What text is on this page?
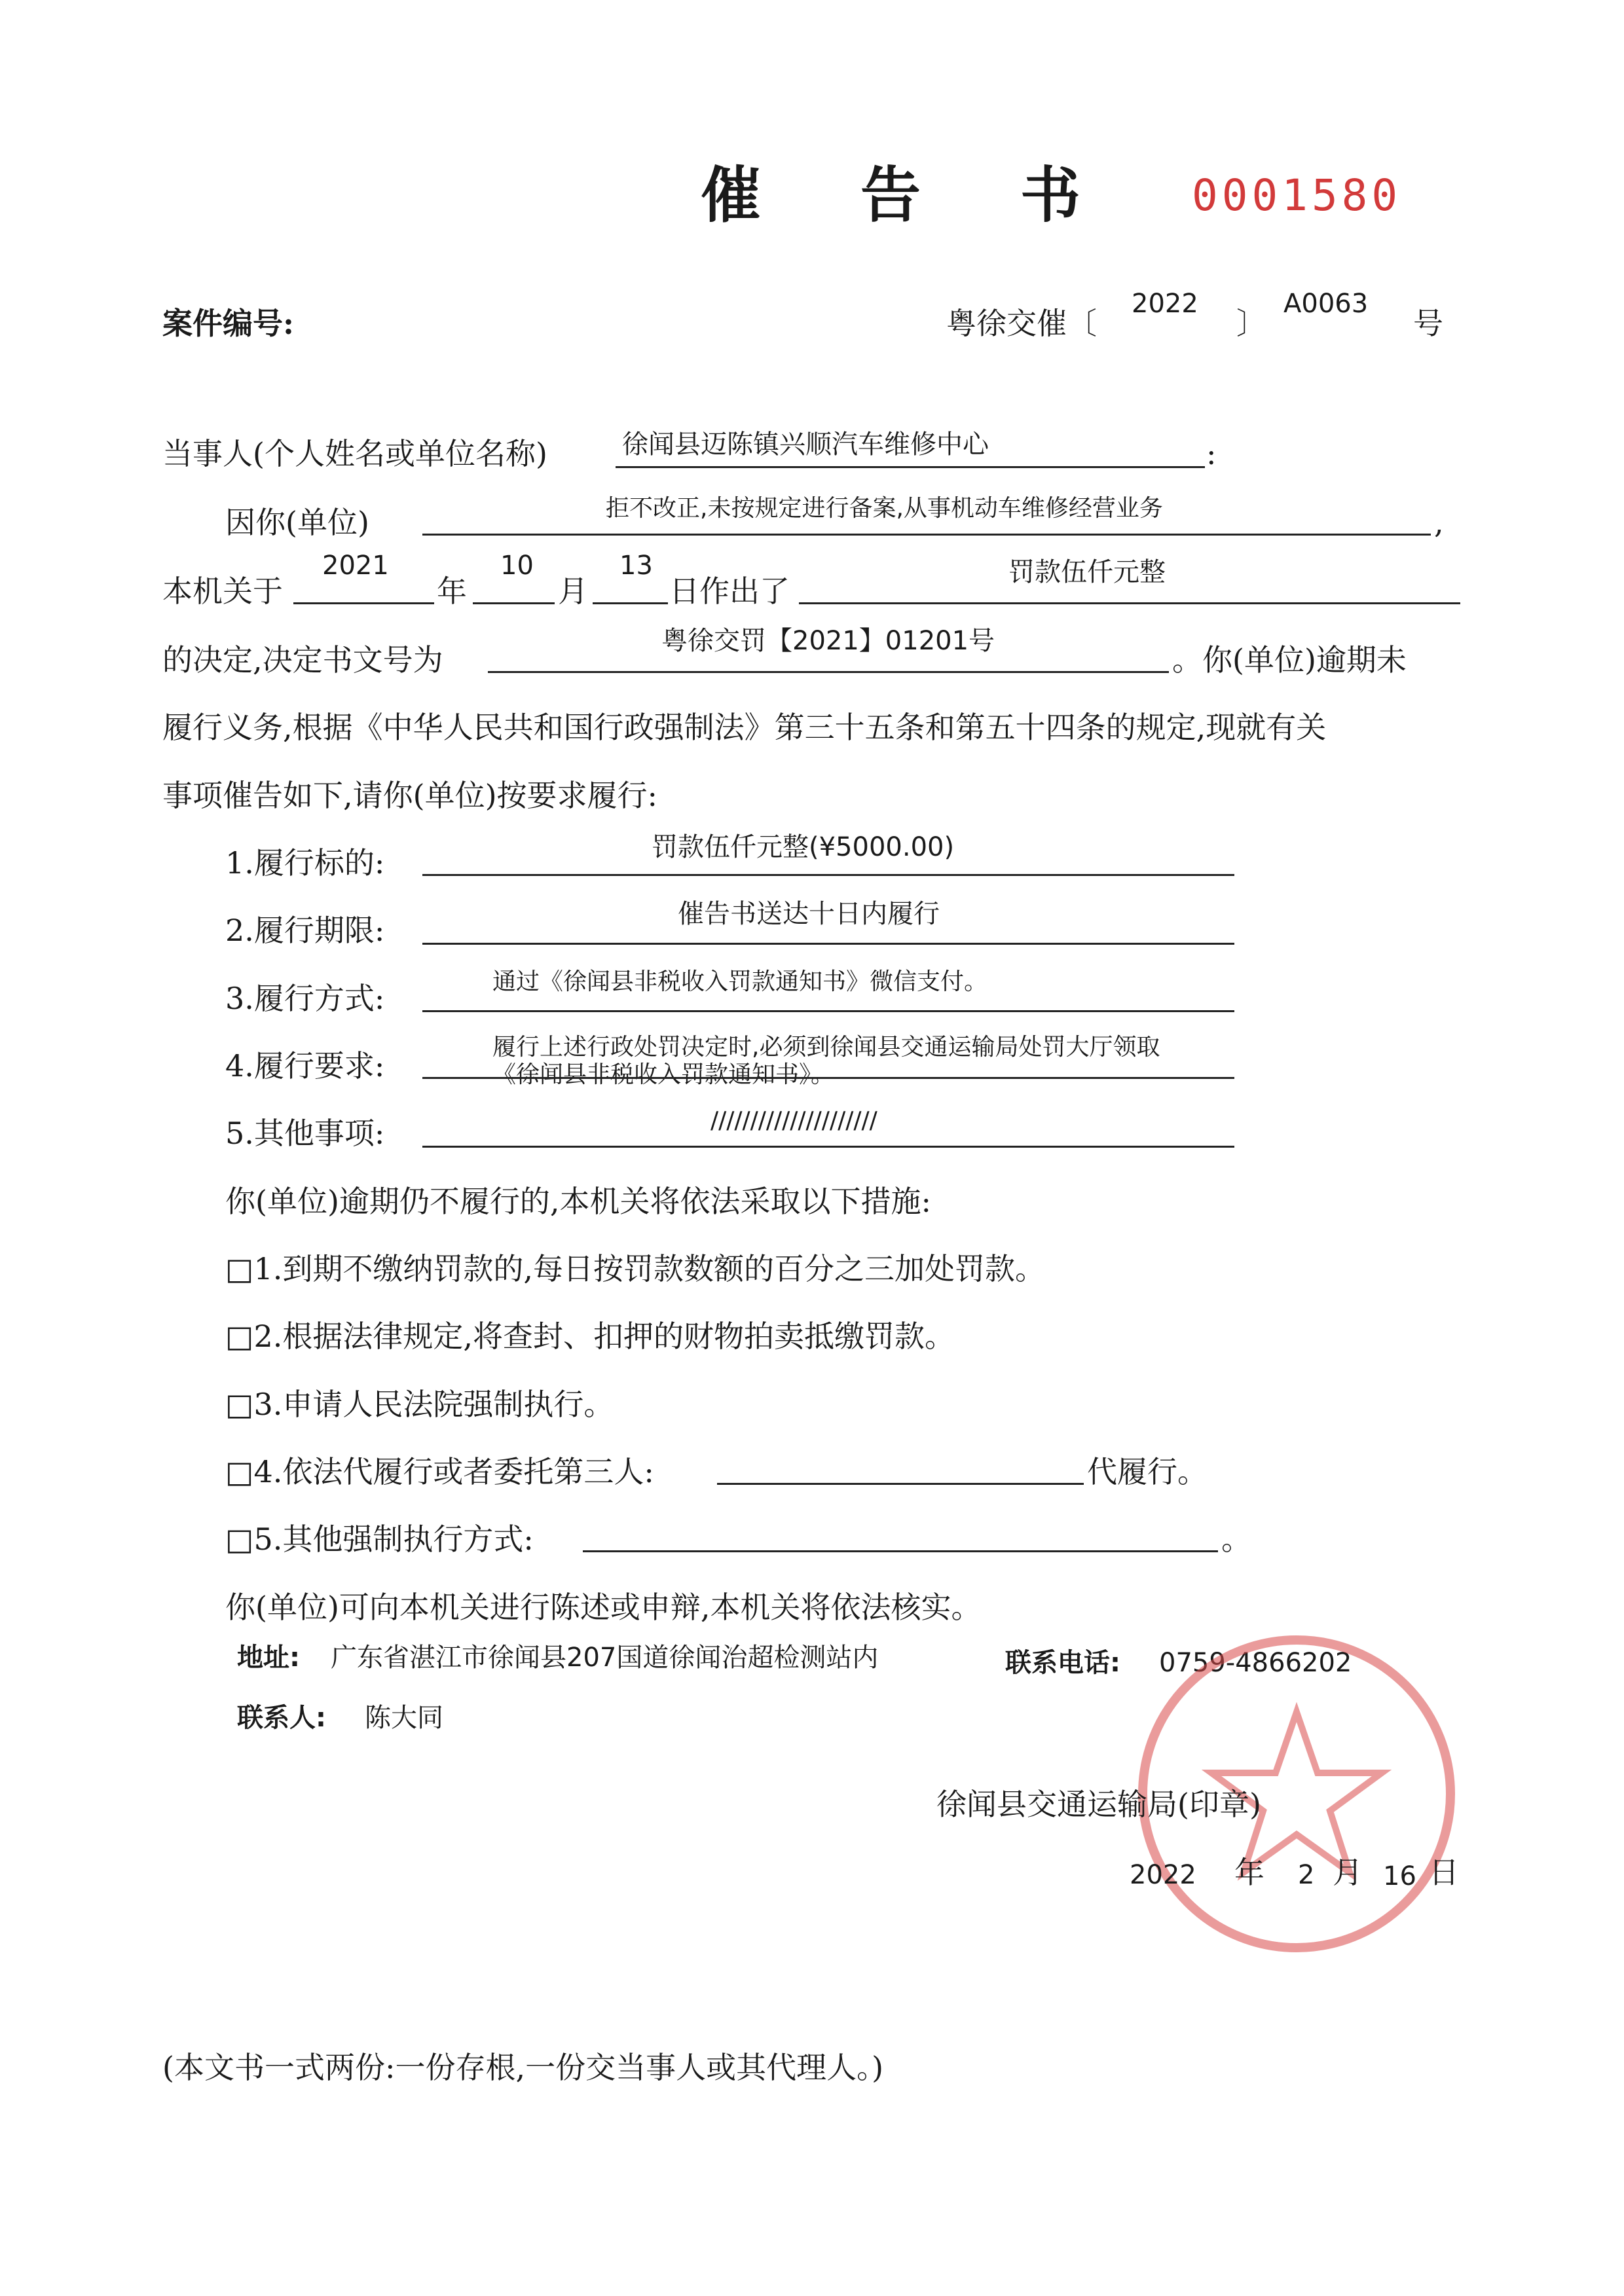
催 告 书 0001580
案件编号:	粤徐交催〔
2022
〕
A0063
号
当事人(个人姓名或单位名称)	徐闻县迈陈镇兴顺汽车维修中心	:
因你(单位)	拒不改正,未按规定进行备案,从事机动车维修经营业务	,
本机关于
2021
年
10
月
13
日作出了
罚款伍仟元整
的决定,决定书文号为
粤徐交罚【2021】01201号
。你(单位)逾期未
履行义务,根据《中华人民共和国行政强制法》第三十五条和第五十四条的规定,现就有关
事项催告如下,请你(单位)按要求履行:
1.履行标的:	罚款伍仟元整(¥5000.00)
2.履行期限:	催告书送达十日内履行
3.履行方式:	通过《徐闻县非税收入罚款通知书》微信支付。
4.履行要求:
履行上述行政处罚决定时,必须到徐闻县交通运输局处罚大厅领取
《徐闻县非税收入罚款通知书》。
5.其他事项:	/////////////////////
你(单位)逾期仍不履行的,本机关将依法采取以下措施:
□1.到期不缴纳罚款的,每日按罚款数额的百分之三加处罚款。
□2.根据法律规定,将查封、扣押的财物拍卖抵缴罚款。
□3.申请人民法院强制执行。
□4.依法代履行或者委托第三人:	代履行。
□5.其他强制执行方式:	。
你(单位)可向本机关进行陈述或申辩,本机关将依法核实。
地址: 广东省湛江市徐闻县207国道徐闻治超检测站内	联系电话: 0759-4866202
联系人: 陈大同
徐闻县交通运输局(印章)
2022 年 2 月 16 日
(本文书一式两份:一份存根,一份交当事人或其代理人。)
